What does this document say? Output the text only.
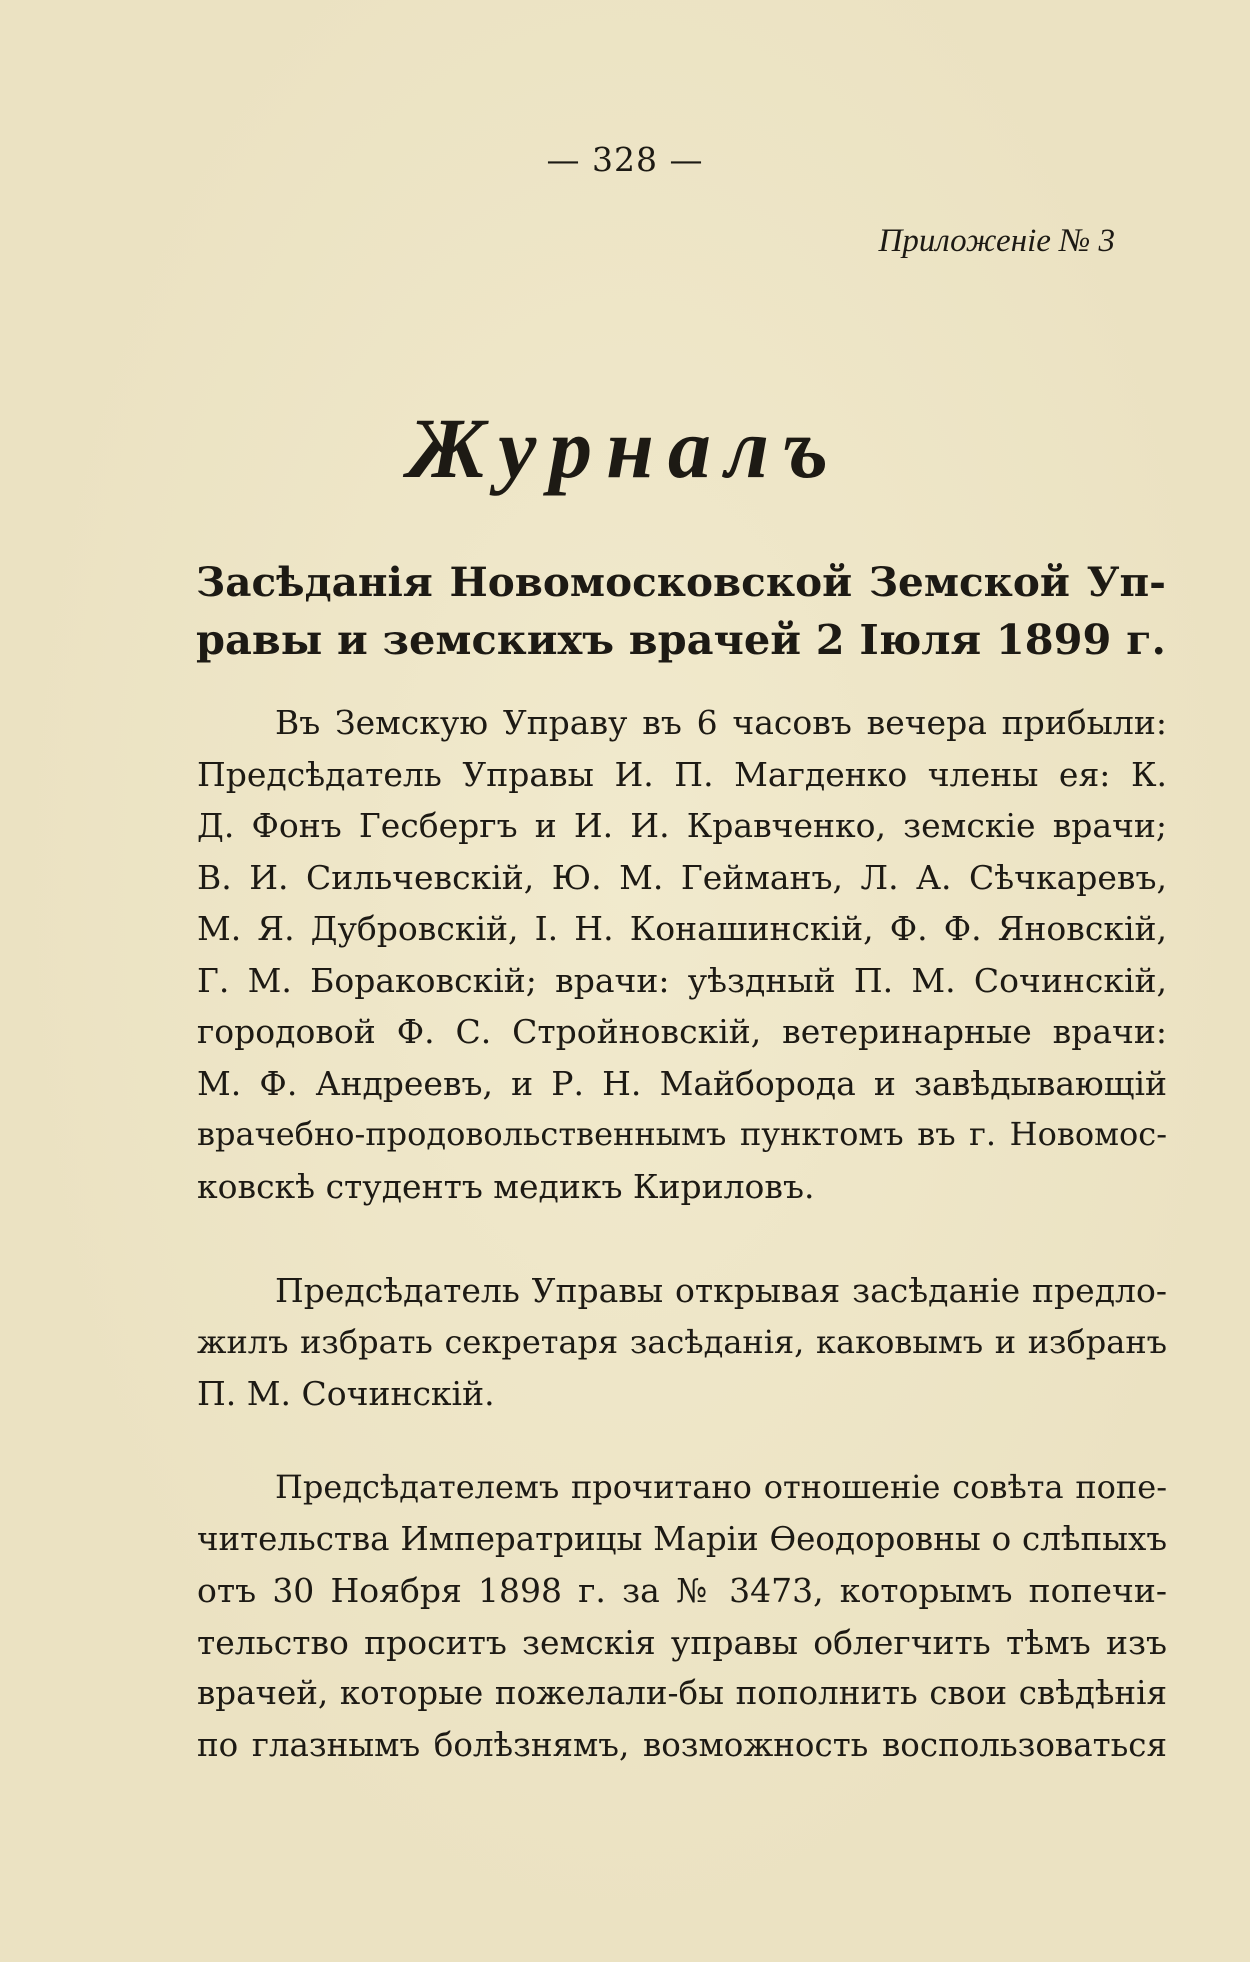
— 328 —
Приложеніе № 3
Журналъ
Засѣданія Новомосковской Земской Уп-
равы и земскихъ врачей 2 Іюля 1899 г.
Въ Земскую Управу въ 6 часовъ вечера прибыли:
Предсѣдатель Управы И. П. Магденко члены ея: К.
Д. Фонъ Гесбергъ и И. И. Кравченко, земскіе врачи;
В. И. Сильчевскій, Ю. М. Гейманъ, Л. А. Сѣчкаревъ,
М. Я. Дубровскій, І. Н. Конашинскій, Ф. Ф. Яновскій,
Г. М. Бораковскій; врачи: уѣздный П. М. Сочинскій,
городовой Ф. С. Стройновскій, ветеринарные врачи:
М. Ф. Андреевъ, и Р. Н. Майборода и завѣдывающій
врачебно-продовольственнымъ пунктомъ въ г. Новомос-
ковскѣ студентъ медикъ Кириловъ.
Предсѣдатель Управы открывая засѣданіе предло-
жилъ избрать секретаря засѣданія, каковымъ и избранъ
П. М. Сочинскій.
Предсѣдателемъ прочитано отношеніе совѣта попе-
чительства Императрицы Маріи Ѳеодоровны о слѣпыхъ
отъ 30 Ноября 1898 г. за № 3473, которымъ попечи-
тельство проситъ земскія управы облегчить тѣмъ изъ
врачей, которые пожелали-бы пополнить свои свѣдѣнія
по глазнымъ болѣзнямъ, возможность воспользоваться
